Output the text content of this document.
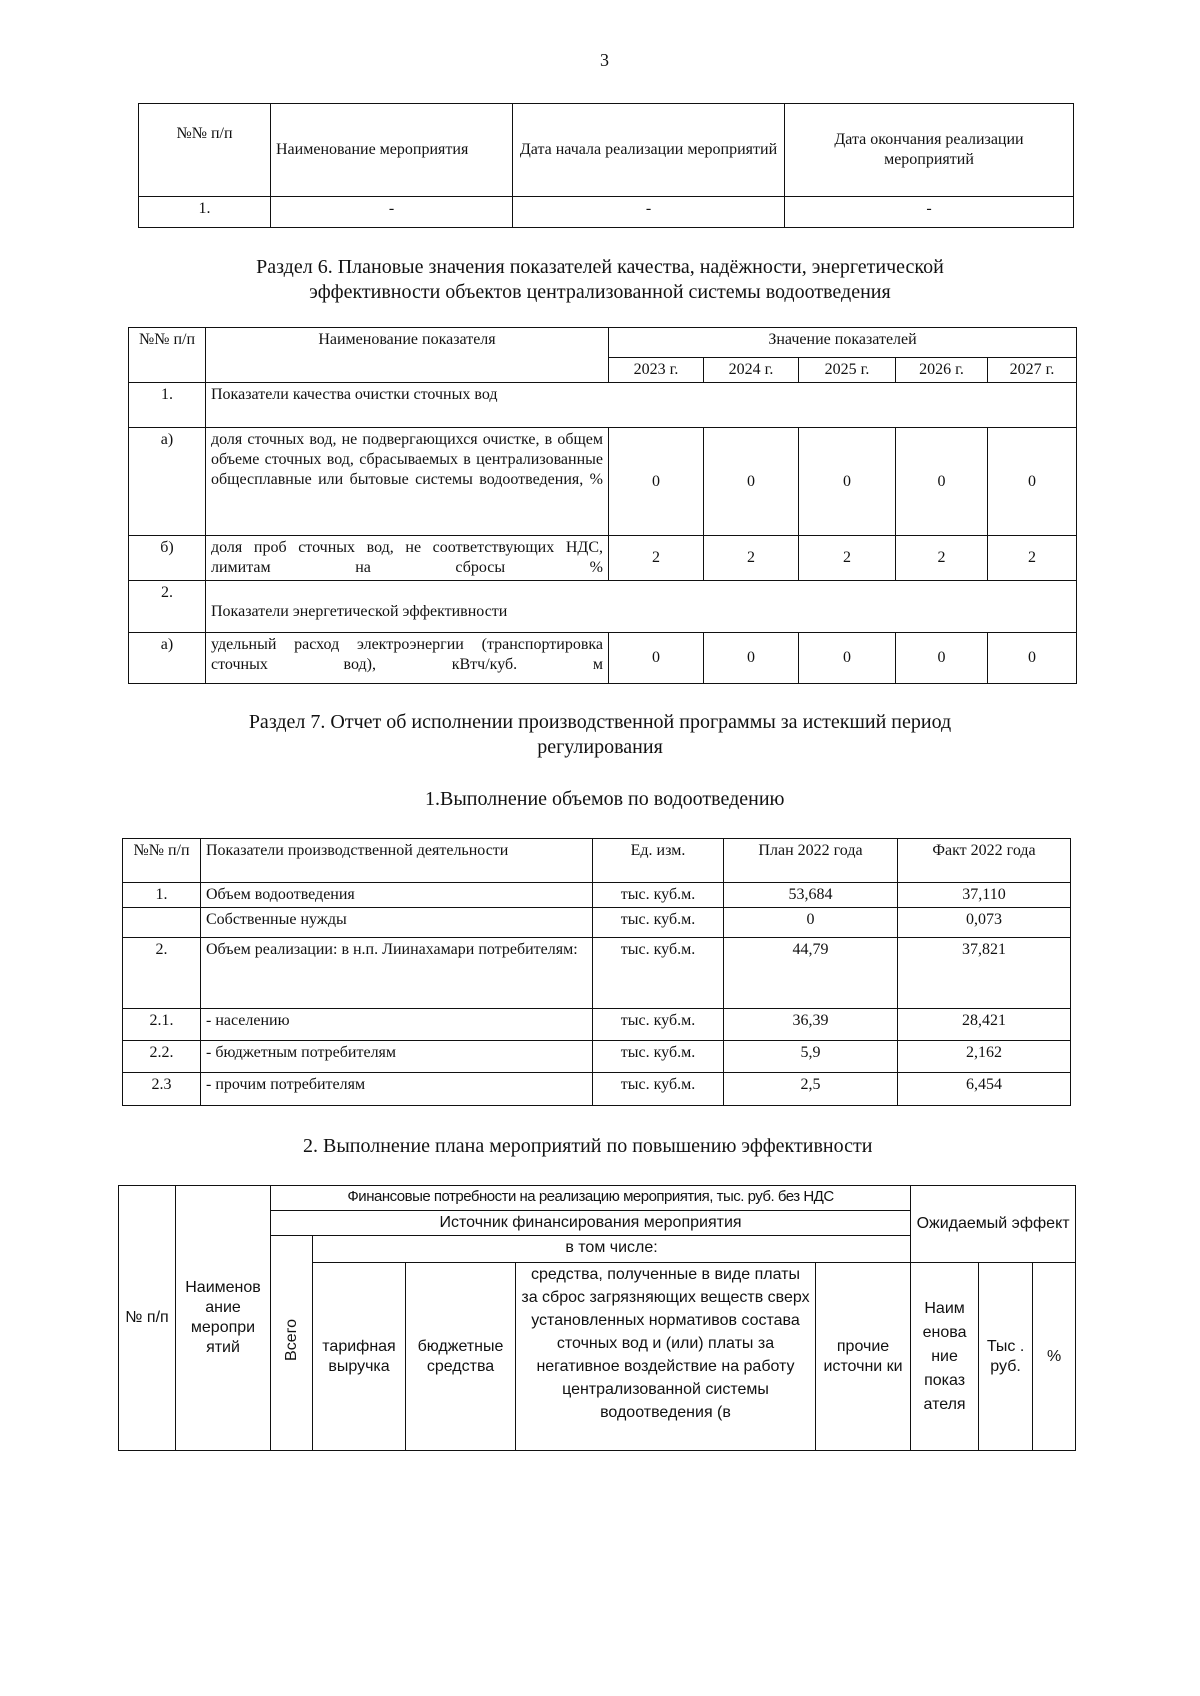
3
№№ п/п	Наименование мероприятия	Дата начала реализации мероприятий	Дата окончания реализации мероприятий
1.	-	-	-
Раздел 6. Плановые значения показателей качества, надёжности, энергетической
эффективности объектов централизованной системы водоотведения
№№ п/п	Наименование показателя	Значение показателей				
		2023 г.	2024 г.	2025 г.	2026 г.	2027 г.
1.	Показатели качества очистки сточных вод					
а)	доля сточных вод, не подвергающихся очистке, в общем объеме сточных вод, сбрасываемых в централизованные общесплавные или бытовые системы водоотведения, %	0	0	0	0	0
б)	доля проб сточных вод, не соответствующих НДС, лимитам на сбросы %	2	2	2	2	2
2.	Показатели энергетической эффективности					
а)	удельный расход электроэнергии (транспортировка сточных вод), кВтч/куб. м	0	0	0	0	0
Раздел 7. Отчет об исполнении производственной программы за истекший период
регулирования
1.Выполнение объемов по водоотведению
№№ п/п	Показатели производственной деятельности	Ед. изм.	План 2022 года	Факт 2022 года
1.	Объем водоотведения	тыс. куб.м.	53,684	37,110
	Собственные нужды	тыс. куб.м.	0	0,073
2.	Объем реализации: в н.п. Лиинахамари потребителям:	тыс. куб.м.	44,79	37,821
2.1.	- населению	тыс. куб.м.	36,39	28,421
2.2.	- бюджетным потребителям	тыс. куб.м.	5,9	2,162
2.3	- прочим потребителям	тыс. куб.м.	2,5	6,454
2. Выполнение плана мероприятий по повышению эффективности
№ п/п	Наименов ание меропри ятий	Финансовые потребности на реализацию мероприятия, тыс. руб. без НДС					Ожидаемый эффект		
		Источник финансирования мероприятия							
		Всего	в том числе:						
			тарифная выручка	бюджетные средства	средства, полученные в виде платы за сброс загрязняющих веществ сверх установленных нормативов состава сточных вод и (или) платы за негативное воздействие на работу централизованной системы водоотведения (в	прочие источни ки	Наим енова ние показ ателя	Тыс . руб.	%
